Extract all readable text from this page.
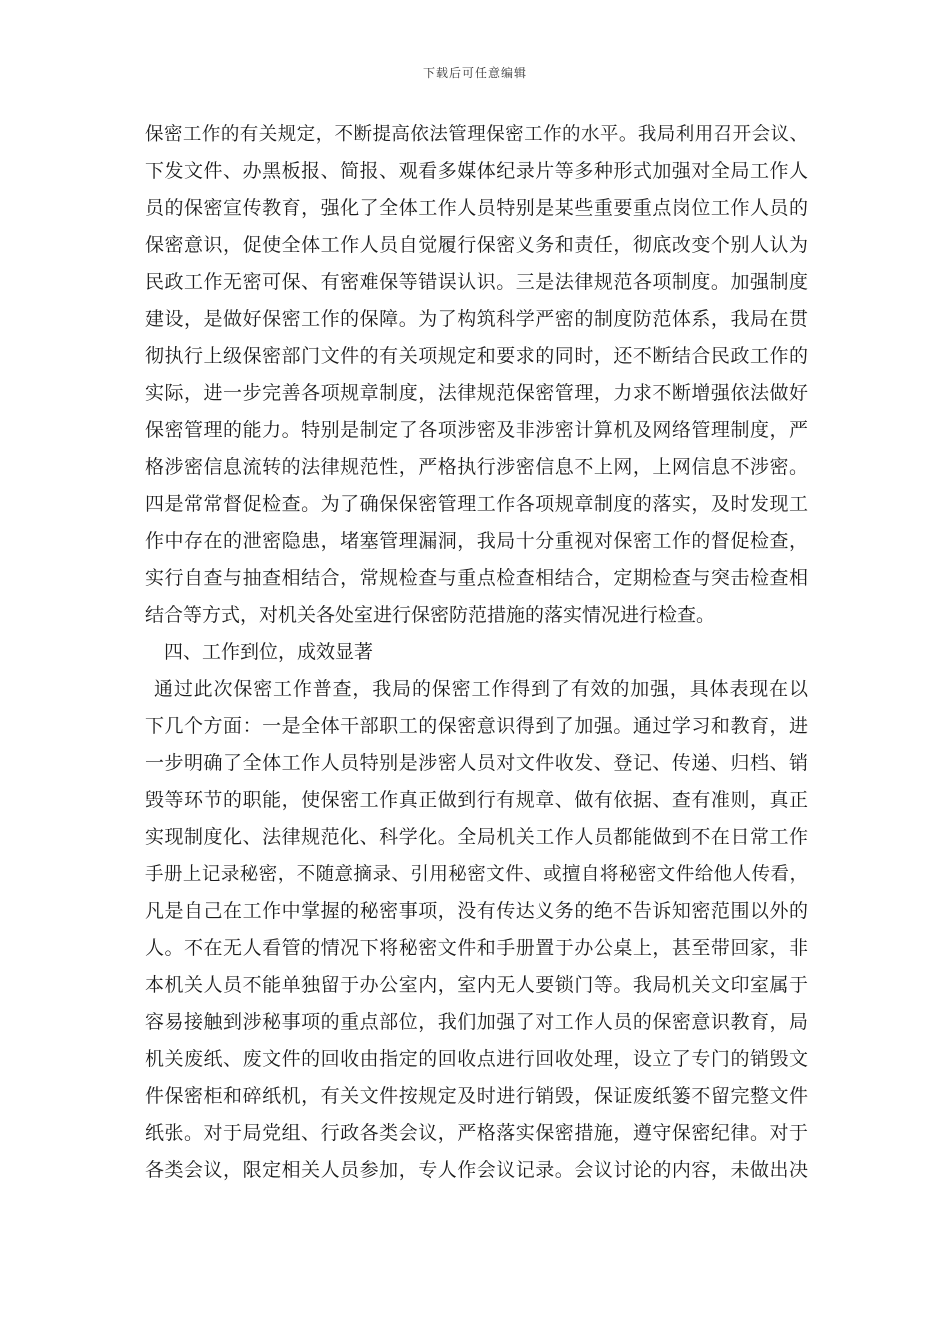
下载后可任意编辑
保密工作的有关规定，不断提高依法管理保密工作的水平。我局利用召开会议、
下发文件、办黑板报、简报、观看多媒体纪录片等多种形式加强对全局工作人
员的保密宣传教育，强化了全体工作人员特别是某些重要重点岗位工作人员的
保密意识，促使全体工作人员自觉履行保密义务和责任，彻底改变个别人认为
民政工作无密可保、有密难保等错误认识。三是法律规范各项制度。加强制度
建设，是做好保密工作的保障。为了构筑科学严密的制度防范体系，我局在贯
彻执行上级保密部门文件的有关项规定和要求的同时，还不断结合民政工作的
实际，进一步完善各项规章制度，法律规范保密管理，力求不断增强依法做好
保密管理的能力。特别是制定了各项涉密及非涉密计算机及网络管理制度，严
格涉密信息流转的法律规范性，严格执行涉密信息不上网，上网信息不涉密。
四是常常督促检查。为了确保保密管理工作各项规章制度的落实，及时发现工
作中存在的泄密隐患，堵塞管理漏洞，我局十分重视对保密工作的督促检查，
实行自查与抽查相结合，常规检查与重点检查相结合，定期检查与突击检查相
结合等方式，对机关各处室进行保密防范措施的落实情况进行检查。
四、工作到位，成效显著
通过此次保密工作普查，我局的保密工作得到了有效的加强，具体表现在以
下几个方面：一是全体干部职工的保密意识得到了加强。通过学习和教育，进
一步明确了全体工作人员特别是涉密人员对文件收发、登记、传递、归档、销
毁等环节的职能，使保密工作真正做到行有规章、做有依据、查有准则，真正
实现制度化、法律规范化、科学化。全局机关工作人员都能做到不在日常工作
手册上记录秘密，不随意摘录、引用秘密文件、或擅自将秘密文件给他人传看，
凡是自己在工作中掌握的秘密事项，没有传达义务的绝不告诉知密范围以外的
人。不在无人看管的情况下将秘密文件和手册置于办公桌上，甚至带回家，非
本机关人员不能单独留于办公室内，室内无人要锁门等。我局机关文印室属于
容易接触到涉秘事项的重点部位，我们加强了对工作人员的保密意识教育，局
机关废纸、废文件的回收由指定的回收点进行回收处理，设立了专门的销毁文
件保密柜和碎纸机，有关文件按规定及时进行销毁，保证废纸篓不留完整文件
纸张。对于局党组、行政各类会议，严格落实保密措施，遵守保密纪律。对于
各类会议，限定相关人员参加，专人作会议记录。会议讨论的内容，未做出决
